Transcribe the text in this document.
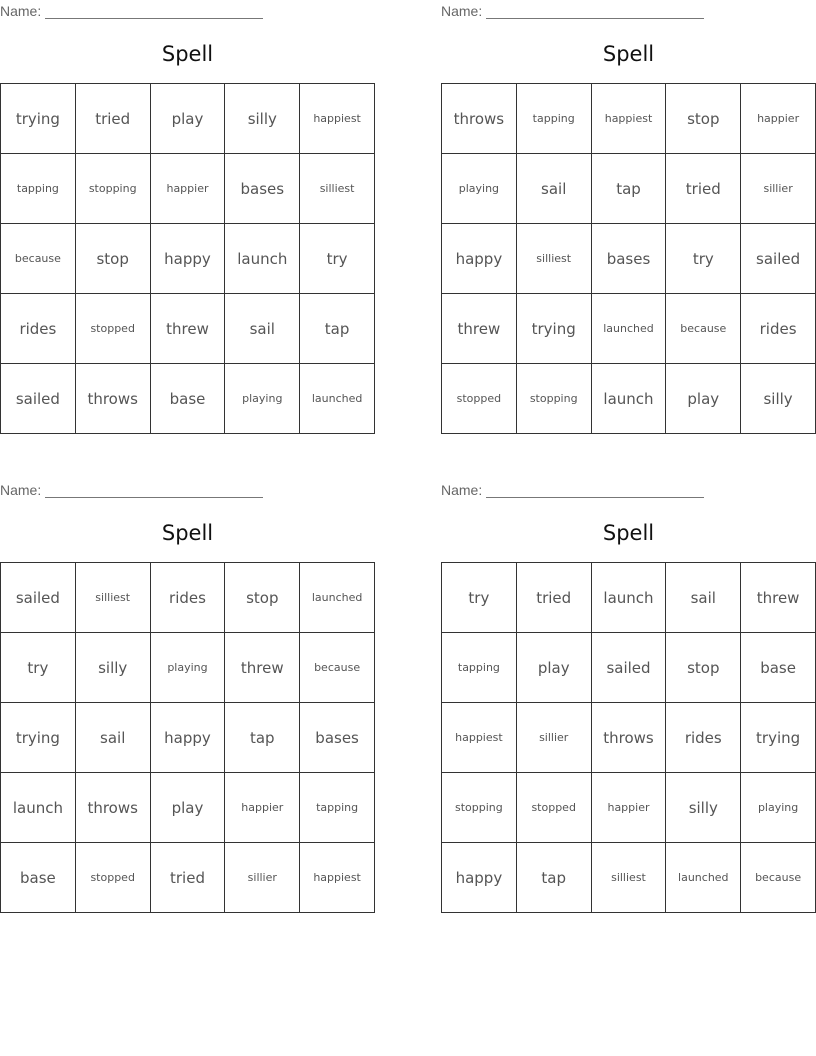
Name:
Spell
trying	tried	play	silly	happiest
tapping	stopping	happier	bases	silliest
because	stop	happy	launch	try
rides	stopped	threw	sail	tap
sailed	throws	base	playing	launched
Name:
Spell
throws	tapping	happiest	stop	happier
playing	sail	tap	tried	sillier
happy	silliest	bases	try	sailed
threw	trying	launched	because	rides
stopped	stopping	launch	play	silly
Name:
Spell
sailed	silliest	rides	stop	launched
try	silly	playing	threw	because
trying	sail	happy	tap	bases
launch	throws	play	happier	tapping
base	stopped	tried	sillier	happiest
Name:
Spell
try	tried	launch	sail	threw
tapping	play	sailed	stop	base
happiest	sillier	throws	rides	trying
stopping	stopped	happier	silly	playing
happy	tap	silliest	launched	because
